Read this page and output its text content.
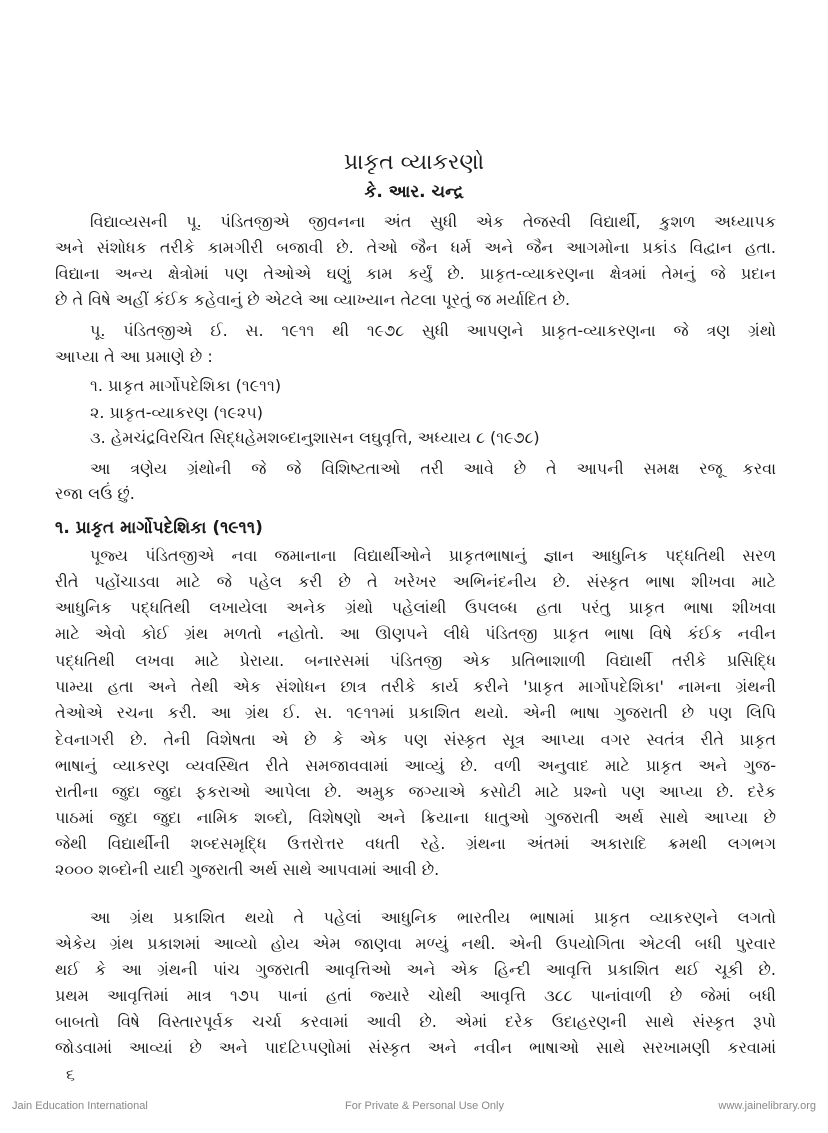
પ્રાકૃત વ્યાકરણો
કે. આર. ચન્દ્ર
વિદ્યાવ્યસની પૂ. પંડિતજીએ જીવનના અંત સુધી એક તેજસ્વી વિદ્યાર્થી, કુશળ અધ્યાપક
અને સંશોધક તરીકે કામગીરી બજાવી છે. તેઓ જૈન ધર્મ અને જૈન આગમોના પ્રકાંડ વિદ્વાન હતા.
વિદ્યાના અન્ય ક્ષેત્રોમાં પણ તેઓએ ઘણું કામ કર્યું છે. પ્રાકૃત-વ્યાકરણના ક્ષેત્રમાં તેમનું જે પ્રદાન
છે તે વિષે અહીં કંઈક કહેવાનું છે એટલે આ વ્યાખ્યાન તેટલા પૂરતું જ મર્યાદિત છે.
પૂ. પંડિતજીએ ઈ. સ. ૧૯૧૧ થી ૧૯૭૮ સુધી આપણને પ્રાકૃત-વ્યાકરણના જે ત્રણ ગ્રંથો
આપ્યા તે આ પ્રમાણે છે :
૧. પ્રાકૃત માર્ગોપદેશિકા (૧૯૧૧)
૨. પ્રાકૃત-વ્યાકરણ (૧૯૨૫)
૩. હેમચંદ્રવિરચિત સિદ્ધહેમશબ્દાનુશાસન લઘુવૃત્તિ, અધ્યાય ૮ (૧૯૭૮)
આ ત્રણેય ગ્રંથોની જે જે વિશિષ્ટતાઓ તરી આવે છે તે આપની સમક્ષ રજૂ કરવા
રજા લઉં છું.
૧. પ્રાકૃત માર્ગોપદેશિકા (૧૯૧૧)
પૂજ્ય પંડિતજીએ નવા જમાનાના વિદ્યાર્થીઓને પ્રાકૃતભાષાનું જ્ઞાન આધુનિક પદ્ધતિથી સરળ
રીતે પહોંચાડવા માટે જે પહેલ કરી છે તે ખરેખર અભિનંદનીય છે. સંસ્કૃત ભાષા શીખવા માટે
આધુનિક પદ્ધતિથી લખાયેલા અનેક ગ્રંથો પહેલાંથી ઉપલબ્ધ હતા પરંતુ પ્રાકૃત ભાષા શીખવા
માટે એવો કોઈ ગ્રંથ મળતો નહોતો. આ ઊણપને લીધે પંડિતજી પ્રાકૃત ભાષા વિષે કંઈક નવીન
પદ્ધતિથી લખવા માટે પ્રેરાયા. બનારસમાં પંડિતજી એક પ્રતિભાશાળી વિદ્યાર્થી તરીકે પ્રસિદ્ધિ
પામ્યા હતા અને તેથી એક સંશોધન છાત્ર તરીકે કાર્ય કરીને 'પ્રાકૃત માર્ગોપદેશિકા' નામના ગ્રંથની
તેઓએ રચના કરી. આ ગ્રંથ ઈ. સ. ૧૯૧૧માં પ્રકાશિત થયો. એની ભાષા ગુજરાતી છે પણ લિપિ
દેવનાગરી છે. તેની વિશેષતા એ છે કે એક પણ સંસ્કૃત સૂત્ર આપ્યા વગર સ્વતંત્ર રીતે પ્રાકૃત
ભાષાનું વ્યાકરણ વ્યવસ્થિત રીતે સમજાવવામાં આવ્યું છે. વળી અનુવાદ માટે પ્રાકૃત અને ગુજ-
રાતીના જુદા જુદા ફકરાઓ આપેલા છે. અમુક જગ્યાએ કસોટી માટે પ્રશ્નો પણ આપ્યા છે. દરેક
પાઠમાં જુદા જુદા નામિક શબ્દો, વિશેષણો અને ક્રિયાના ધાતુઓ ગુજરાતી અર્થ સાથે આપ્યા છે
જેથી વિદ્યાર્થીની શબ્દસમૃદ્ધિ ઉત્તરોત્તર વધતી રહે. ગ્રંથના અંતમાં અકારાદિ ક્રમથી લગભગ
૨૦૦૦ શબ્દોની યાદી ગુજરાતી અર્થ સાથે આપવામાં આવી છે.
આ ગ્રંથ પ્રકાશિત થયો તે પહેલાં આધુનિક ભારતીય ભાષામાં પ્રાકૃત વ્યાકરણને લગતો
એકેય ગ્રંથ પ્રકાશમાં આવ્યો હોય એમ જાણવા મળ્યું નથી. એની ઉપયોગિતા એટલી બધી પુરવાર
થઈ કે આ ગ્રંથની પાંચ ગુજરાતી આવૃત્તિઓ અને એક હિન્દી આવૃત્તિ પ્રકાશિત થઈ ચૂકી છે.
પ્રથમ આવૃત્તિમાં માત્ર ૧૭૫ પાનાં હતાં જ્યારે ચોથી આવૃત્તિ ૩૮૮ પાનાંવાળી છે જેમાં બધી
બાબતો વિષે વિસ્તારપૂર્વક ચર્ચા કરવામાં આવી છે. એમાં દરેક ઉદાહરણની સાથે સંસ્કૃત રૂપો
જોડવામાં આવ્યાં છે અને પાદટિપ્પણોમાં સંસ્કૃત અને નવીન ભાષાઓ સાથે સરખામણી કરવામાં
૬
Jain Education International	For Private & Personal Use Only	www.jainelibrary.org
